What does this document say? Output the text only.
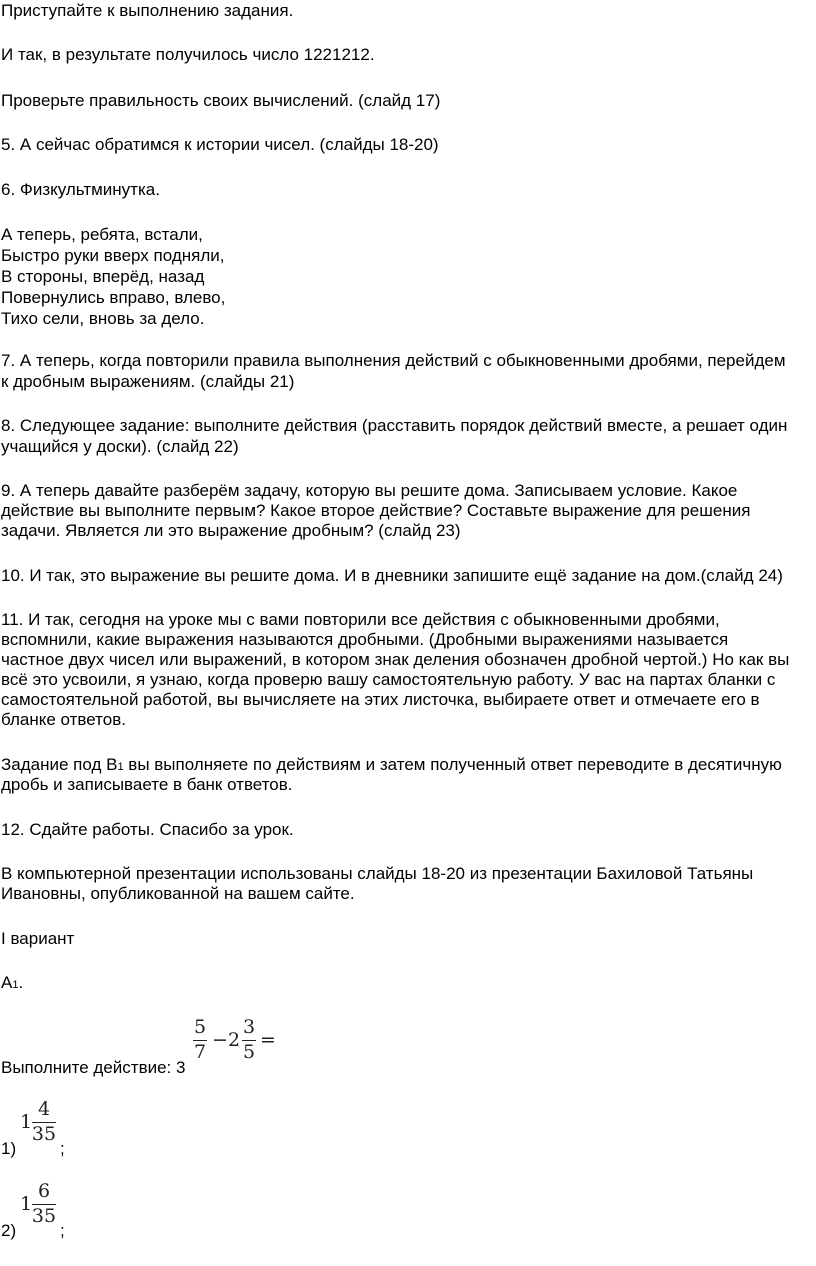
Приступайте к выполнению задания.
И так, в результате получилось число 1221212.
Проверьте правильность своих вычислений. (слайд 17)
5. А сейчас обратимся к истории чисел. (слайды 18-20)
6. Физкультминутка.
А теперь, ребята, встали,
Быстро руки вверх подняли,
В стороны, вперёд, назад
Повернулись вправо, влево,
Тихо сели, вновь за дело.
7. А теперь, когда повторили правила выполнения действий с обыкновенными дробями, перейдем
к дробным выражениям. (слайды 21)
8. Следующее задание: выполните действия (расставить порядок действий вместе, а решает один
учащийся у доски). (слайд 22)
9. А теперь давайте разберём задачу, которую вы решите дома. Записываем условие. Какое
действие вы выполните первым? Какое второе действие? Составьте выражение для решения
задачи. Является ли это выражение дробным? (слайд 23)
10. И так, это выражение вы решите дома. И в дневники запишите ещё задание на дом.(слайд 24)
11. И так, сегодня на уроке мы с вами повторили все действия с обыкновенными дробями,
вспомнили, какие выражения называются дробными. (Дробными выражениями называется
частное двух чисел или выражений, в котором знак деления обозначен дробной чертой.) Но как вы
всё это усвоили, я узнаю, когда проверю вашу самостоятельную работу. У вас на партах бланки с
самостоятельной работой, вы вычисляете на этих листочка, выбираете ответ и отмечаете его в
бланке ответов.
Задание под В1 вы выполняете по действиям и затем полученный ответ переводите в десятичную
дробь и записываете в банк ответов.
12. Сдайте работы. Спасибо за урок.
В компьютерной презентации использованы слайды 18-20 из презентации Бахиловой Татьяны
Ивановны, опубликованной на вашем сайте.
I вариант
А1.
Выполните действие: 3
5
7
− 2
3
5
=
1)
1
4
35
;
2)
1
6
35
;
